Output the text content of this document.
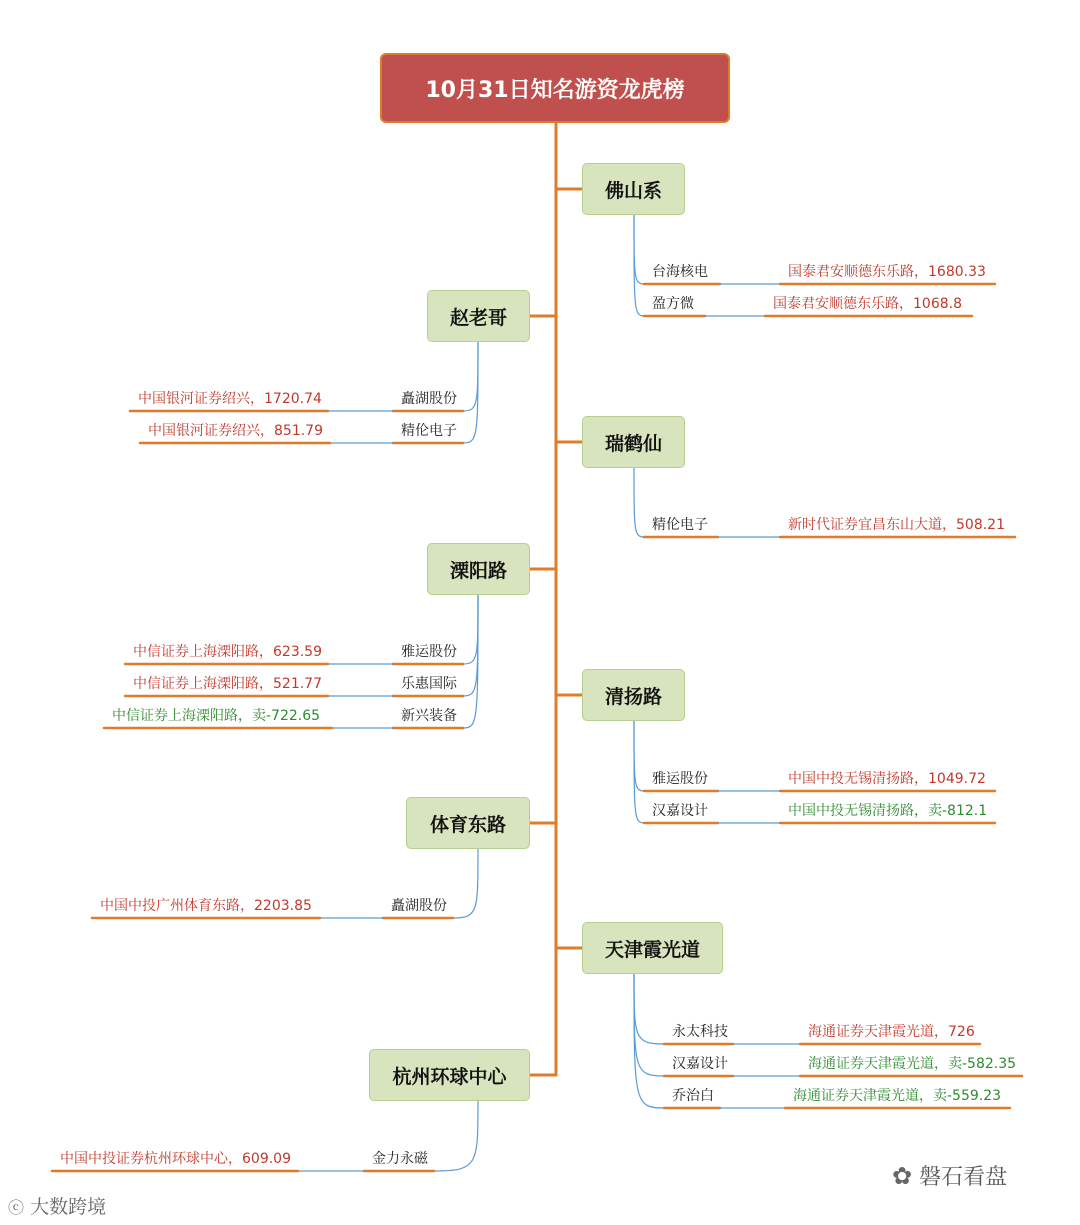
10月31日知名游资龙虎榜
佛山系
台海核电	国泰君安顺德东乐路，1680.33
盈方微	国泰君安顺德东乐路，1068.8
赵老哥
矗湖股份
中国银河证券绍兴，1720.74
精伦电子
中国银河证券绍兴，851.79
瑞鹤仙
精伦电子	新时代证券宜昌东山大道，508.21
溧阳路
雅运股份
中信证券上海溧阳路，623.59
乐惠国际
中信证券上海溧阳路，521.77
新兴装备
中信证券上海溧阳路，卖-722.65
清扬路
雅运股份	中国中投无锡清扬路，1049.72
汉嘉设计	中国中投无锡清扬路，卖-812.1
体育东路
矗湖股份
中国中投广州体育东路，2203.85
天津霞光道
永太科技	海通证券天津霞光道，726
汉嘉设计	海通证券天津霞光道，卖-582.35
乔治白	海通证券天津霞光道，卖-559.23
杭州环球中心
金力永磁
中国中投证券杭州环球中心，609.09
✿ 磐石看盘
ⓒ 大数跨境
